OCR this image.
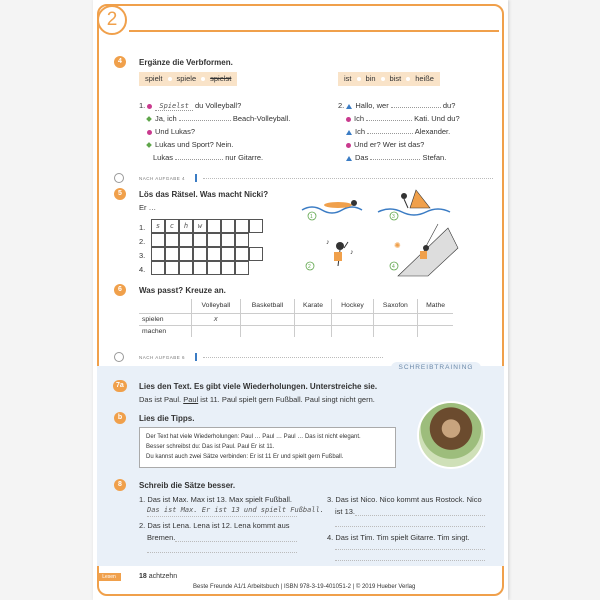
2
4	Ergänze die Verbformen.
spielt spiele spielst	ist bin bist heiße
1. Spielst du Volleyball?
Ja, ich	Beach-Volleyball.
Und Lukas?
Lukas und Sport? Nein.
Lukas	nur Gitarre.
2. Hallo, wer	du?
Ich	Kati. Und du?
Ich	Alexander.
Und er? Wer ist das?
Das	Stefan.
NACH AUFGABE 4
5	Lös das Rätsel. Was macht Nicki?
Er …
1.
2.
3.
4.
s	c	h	w
1	3
♪
♪
2
✺
4
6	Was passt? Kreuze an.
	Volleyball	Basketball	Karate	Hockey	Saxofon	Mathe
spielen	x					
machen						
NACH AUFGABE 6
SCHREIBTRAINING
7a	Lies den Text. Es gibt viele Wiederholungen. Unterstreiche sie.
Das ist Paul. Paul ist 11. Paul spielt gern Fußball. Paul singt nicht gern.
b	Lies die Tipps.
Der Text hat viele Wiederholungen: Paul … Paul … Paul … Das ist nicht elegant.
Besser schreibst du: Das ist Paul. Paul Er ist 11.
Du kannst auch zwei Sätze verbinden: Er ist 11 Er und spielt gern Fußball.
8	Schreib die Sätze besser.
1. Das ist Max. Max ist 13. Max spielt Fußball.
Das ist Max. Er ist 13 und spielt Fußball.
2. Das ist Lena. Lena ist 12. Lena kommt aus
Bremen.
3. Das ist Nico. Nico kommt aus Rostock. Nico
ist 13.
4. Das ist Tim. Tim spielt Gitarre. Tim singt.
Lesen	18 achtzehn
Beste Freunde A1/1 Arbeitsbuch | ISBN 978-3-19-401051-2 | © 2019 Hueber Verlag
